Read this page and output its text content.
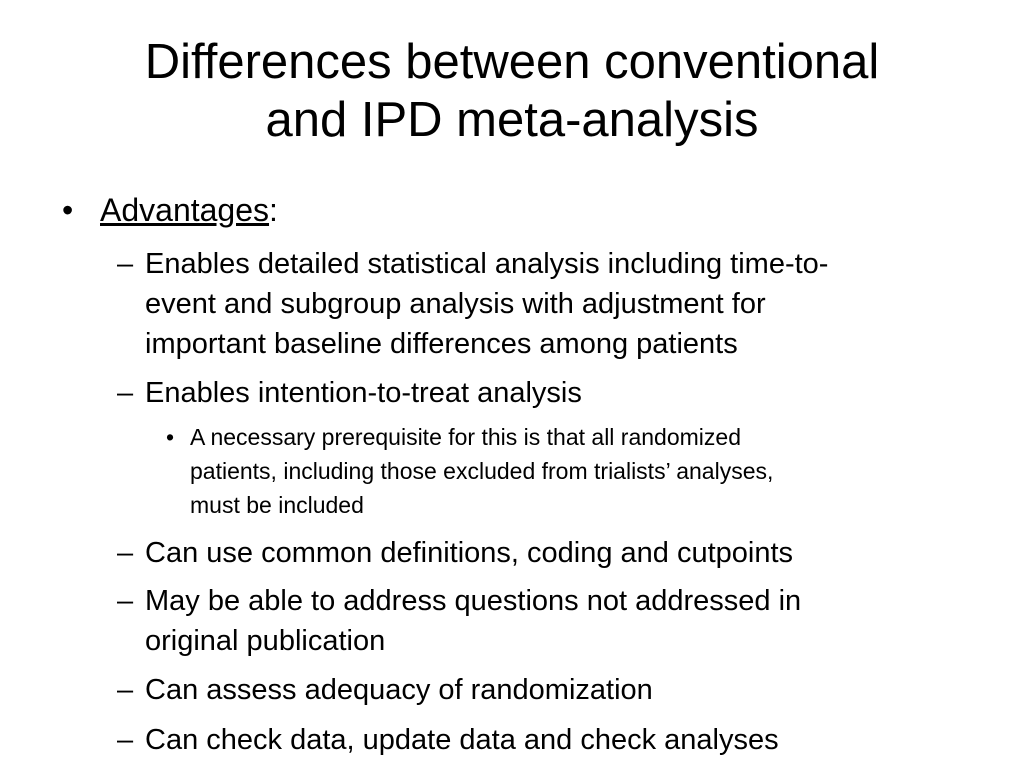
Differences between conventional
and IPD meta-analysis
• Advantages:
– Enables detailed statistical analysis including time-to-
event and subgroup analysis with adjustment for
important baseline differences among patients
– Enables intention-to-treat analysis
• A necessary prerequisite for this is that all randomized
patients, including those excluded from trialists’ analyses,
must be included
– Can use common definitions, coding and cutpoints
– May be able to address questions not addressed in
original publication
– Can assess adequacy of randomization
– Can check data, update data and check analyses
